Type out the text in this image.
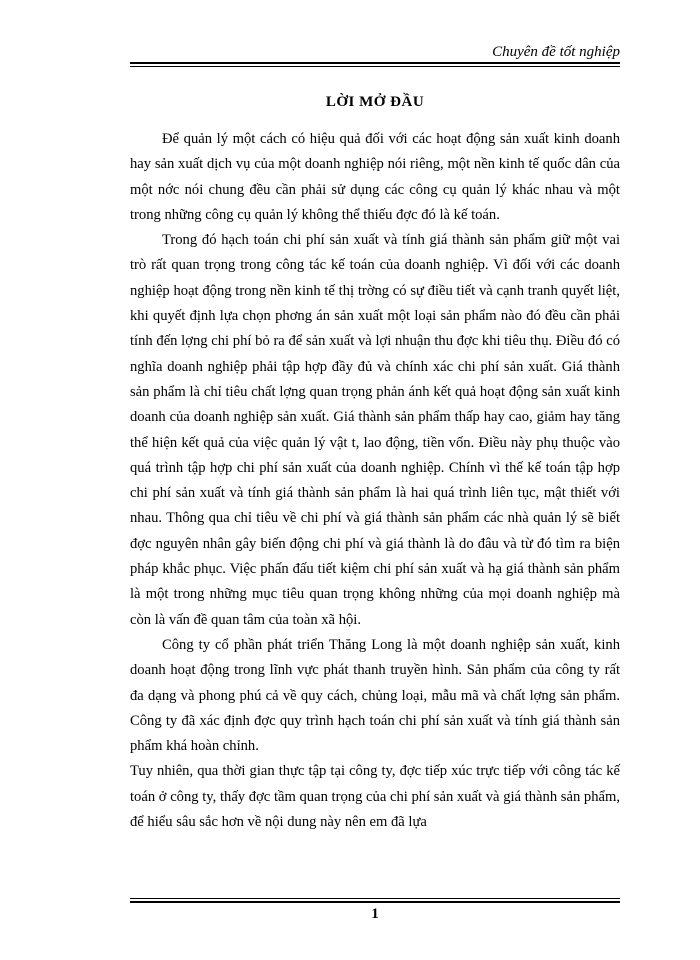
Chuyên đề tốt nghiệp
LỜI MỞ ĐẦU

Để quản lý một cách có hiệu quả đối với các hoạt động sản xuất kinh doanh hay sản xuất dịch vụ của một doanh nghiệp nói riêng, một nền kinh tế quốc dân của một nớc nói chung đều cần phải sử dụng các công cụ quản lý khác nhau và một trong những công cụ quản lý không thể thiếu đợc đó là kế toán.

Trong đó hạch toán chi phí sản xuất và tính giá thành sản phẩm giữ một vai trò rất quan trọng trong công tác kế toán của doanh nghiệp. Vì đối với các doanh nghiệp hoạt động trong nền kinh tế thị trờng có sự điều tiết và cạnh tranh quyết liệt, khi quyết định lựa chọn phơng án sản xuất một loại sản phẩm nào đó đều cần phải tính đến lợng chi phí bỏ ra để sản xuất và lợi nhuận thu đợc khi tiêu thụ. Điều đó có nghĩa doanh nghiệp phải tập hợp đầy đủ và chính xác chi phí sản xuất. Giá thành sản phẩm là chỉ tiêu chất lợng quan trọng phản ánh kết quả hoạt động sản xuất kinh doanh của doanh nghiệp sản xuất. Giá thành sản phẩm thấp hay cao, giảm hay tăng thể hiện kết quả của việc quản lý vật t, lao động, tiền vốn. Điều này phụ thuộc vào quá trình tập hợp chi phí sản xuất của doanh nghiệp. Chính vì thế kế toán tập hợp chi phí sản xuất và tính giá thành sản phẩm là hai quá trình liên tục, mật thiết với nhau. Thông qua chỉ tiêu về chi phí và giá thành sản phẩm các nhà quản lý sẽ biết đợc nguyên nhân gây biến động chi phí và giá thành là do đâu và từ đó tìm ra biện pháp khắc phục. Việc phấn đấu tiết kiệm chi phí sản xuất và hạ giá thành sản phẩm là một trong những mục tiêu quan trọng không những của mọi doanh nghiệp mà còn là vấn đề quan tâm của toàn xã hội.

Công ty cổ phần phát triển Thăng Long là một doanh nghiệp sản xuất, kinh doanh hoạt động trong lĩnh vực phát thanh truyền hình. Sản phẩm của công ty rất đa dạng và phong phú cả về quy cách, chủng loại, mẫu mã và chất lợng sản phẩm. Công ty đã xác định đợc quy trình hạch toán chi phí sản xuất và tính giá thành sản phẩm khá hoàn chỉnh.

Tuy nhiên, qua thời gian thực tập tại công ty, đợc tiếp xúc trực tiếp với công tác kế toán ở công ty, thấy đợc tầm quan trọng của chi phí sản xuất và giá thành sản phẩm, để hiểu sâu sắc hơn về nội dung này nên em đã lựa

1
